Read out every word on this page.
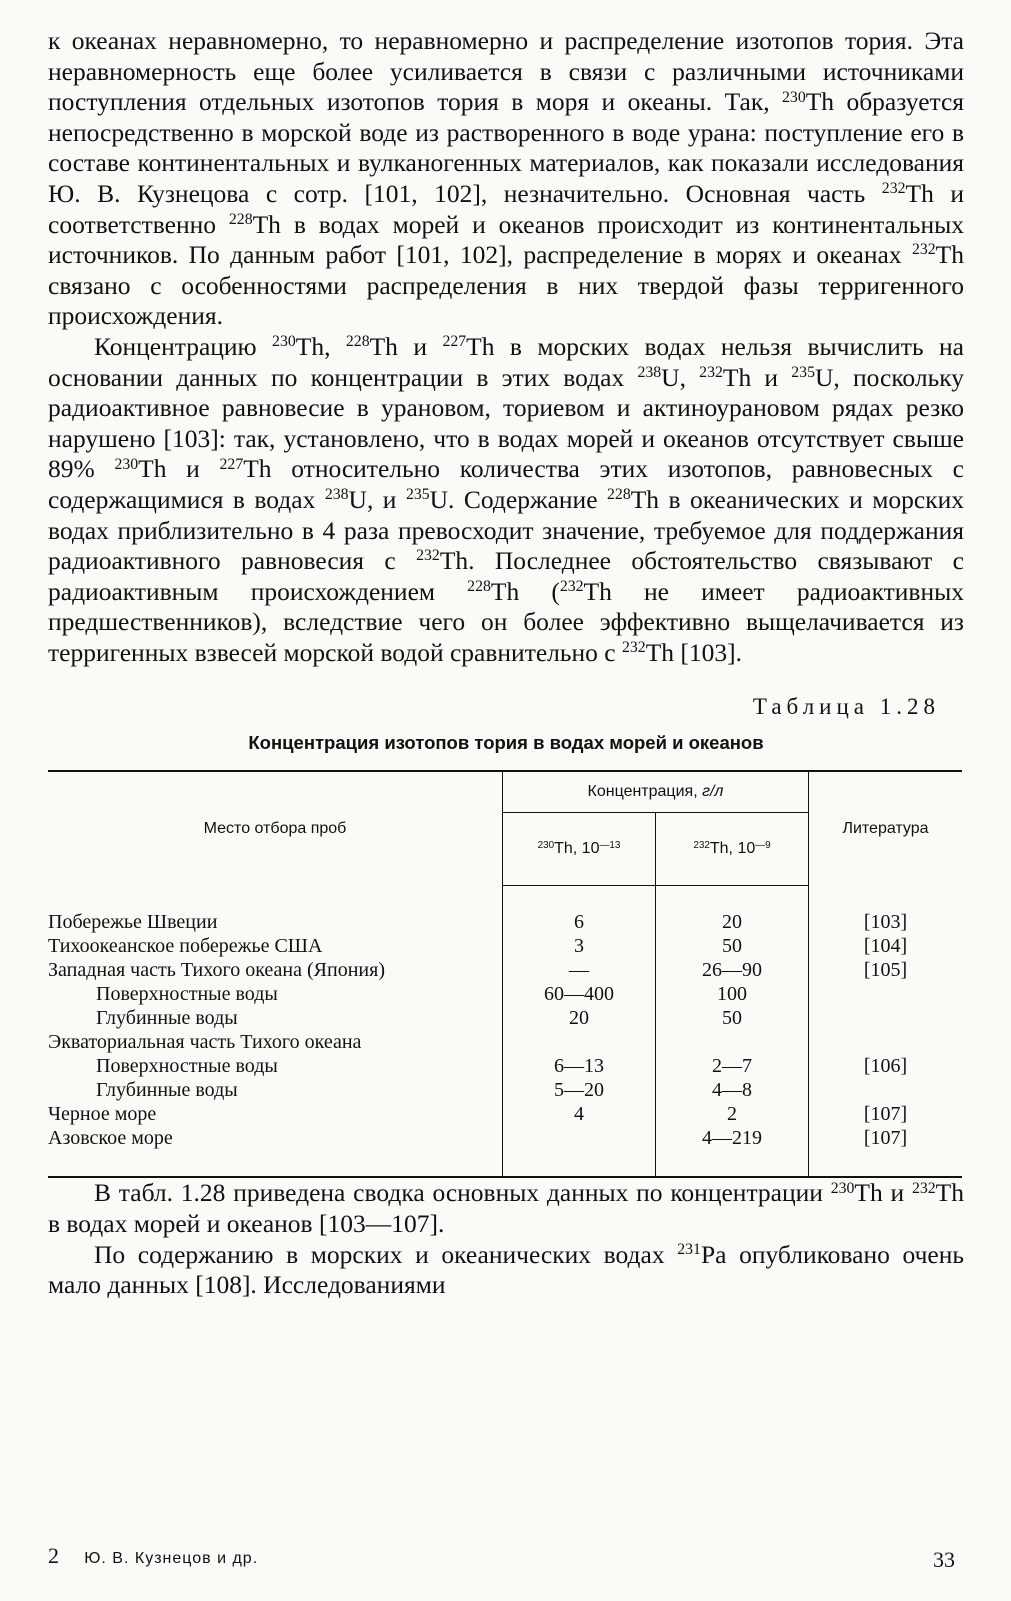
к океанах неравномерно, то неравномерно и распределение изотопов тория. Эта неравномерность еще более усиливается в связи с различными источниками поступления отдельных изотопов тория в моря и океаны. Так, $^{230}$Th образуется непосредственно в морской воде из растворенного в воде урана: поступление его в составе континентальных и вулканогенных материалов, как показали исследования Ю. В. Кузнецова с сотр. [101, 102], незначительно. Основная часть $^{232}$Th и соответственно $^{228}$Th в водах морей и океанов происходит из континентальных источников. По данным работ [101, 102], распределение в морях и океанах $^{232}$Th связано с особенностями распределения в них твердой фазы терригенного происхождения.

Концентрацию $^{230}$Th, $^{228}$Th и $^{227}$Th в морских водах нельзя вычислить на основании данных по концентрации в этих водах $^{238}$U, $^{232}$Th и $^{235}$U, поскольку радиоактивное равновесие в урановом, ториевом и актиноурановом рядах резко нарушено [103]: так, установлено, что в водах морей и океанов отсутствует свыше 89% $^{230}$Th и $^{227}$Th относительно количества этих изотопов, равновесных с содержащимися в водах $^{238}$U, и $^{235}$U. Содержание $^{228}$Th в океанических и морских водах приблизительно в 4 раза превосходит значение, требуемое для поддержания радиоактивного равновесия с $^{232}$Th. Последнее обстоятельство связывают с радиоактивным происхождением $^{228}$Th ($^{232}$Th не имеет радиоактивных предшественников), вследствие чего он более эффективно выщелачивается из терригенных взвесей морской водой сравнительно с $^{232}$Th [103].

Таблица 1.28
Концентрация изотопов тория в водах морей и океанов
Место отбора проб	Концентрация, г/л		Литература
	$^{230}$Th, $10^{—13}$	$^{232}$Th, $10^{—9}$
Побережье Швеции	6	20	[103]
Тихоокеанское побережье США	3	50	[104]
Западная часть Тихого океана (Япония)	—	26—90	[105]
Поверхностные воды	60—400	100	
Глубинные воды	20	50	
Экваториальная часть Тихого океана			
Поверхностные воды	6—13	2—7	[106]
Глубинные воды	5—20	4—8	
Черное море	4	2	[107]
Азовское море		4—219	[107]

В табл. 1.28 приведена сводка основных данных по концентрации $^{230}$Th и $^{232}$Th в водах морей и океанов [103—107].

По содержанию в морских и океанических водах $^{231}$Pa опубликовано очень мало данных [108]. Исследованиями

2 Ю. В. Кузнецов и др.	33
